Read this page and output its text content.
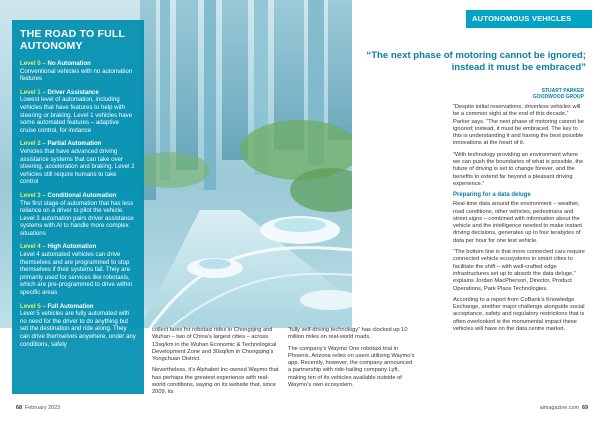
THE ROAD TO FULL AUTONOMY
Level 0 – No Automation
Conventional vehicles with no automation features
Level 1 – Driver Assistance
Lowest level of automation, including vehicles that have features to help with steering or braking. Level 1 vehicles have some automated features – adaptive cruise control, for instance
Level 2 – Partial Automation
Vehicles that have advanced driving assistance systems that can take over steering, acceleration and braking. Level 2 vehicles still require humans to take control
Level 3 – Conditional Automation
The first stage of automation that has less reliance on a driver to pilot the vehicle. Level 3 automation pairs driver assistance systems with AI to handle more complex situations
Level 4 – High Automation
Level 4 automated vehicles can drive themselves and are programmed to stop themselves if their systems fail. They are primarily used for services like robotaxis, which are pre-programmed to drive within specific areas
Level 5 – Full Automation
Level 5 vehicles are fully automated with no need for the driver to do anything but set the destination and ride along. They can drive themselves anywhere, under any conditions, safely
AUTONOMOUS VEHICLES
“The next phase of motoring cannot be ignored; instead it must be embraced”
STUART PARKER
GOODWOOD GROUP

collect fares for robotaxi rides in Chongqing and Wuhan – two of China’s largest cities – across 13sq/km in the Wuhan Economic & Technological Development Zone and 30sq/km in Chongqing’s Yongchuan District.

Nevertheless, it’s Alphabet Inc-owned Waymo that has perhaps the greatest experience with real-world conditions, saying on its website that, since 2009, its

“fully self-driving technology” has clocked up 10 million miles on real-world roads.

The company’s Waymo One robotaxi trial in Phoenix, Arizona relies on users utilising Waymo’s app. Recently, however, the company announced a partnership with ride-hailing company Lyft, making ten of its vehicles available outside of Waymo’s own ecosystem.

“Despite initial reservations, driverless vehicles will be a common sight at the end of this decade,” Parker says. “The next phase of motoring cannot be ignored; instead, it must be embraced. The key to this is understanding it and having the best possible innovations at the heart of it.

“With technology providing an environment where we can push the boundaries of what is possible, the future of driving is set to change forever, and the benefits to extend far beyond a pleasant driving experience.”

Preparing for a data deluge

Real-time data around the environment – weather, road conditions, other vehicles, pedestrians and street signs – combined with information about the vehicle and the intelligence needed to make instant driving decisions, generates up to four terabytes of data per hour for one test vehicle.

“The bottom line is that more connected cars require connected vehicle ecosystems in smart cities to facilitate the shift – with well-crafted edge infrastructures set up to absorb the data deluge,” explains Jordan MacPherson, Director, Product Operations, Park Place Technologies.

According to a report from CoBank’s Knowledge Exchange, another major challenge alongside social acceptance, safety and regulatory restrictions that is often overlooked is the monumental impact these vehicles will have on the data centre market.

68 February 2023	aimagazine.com 69
